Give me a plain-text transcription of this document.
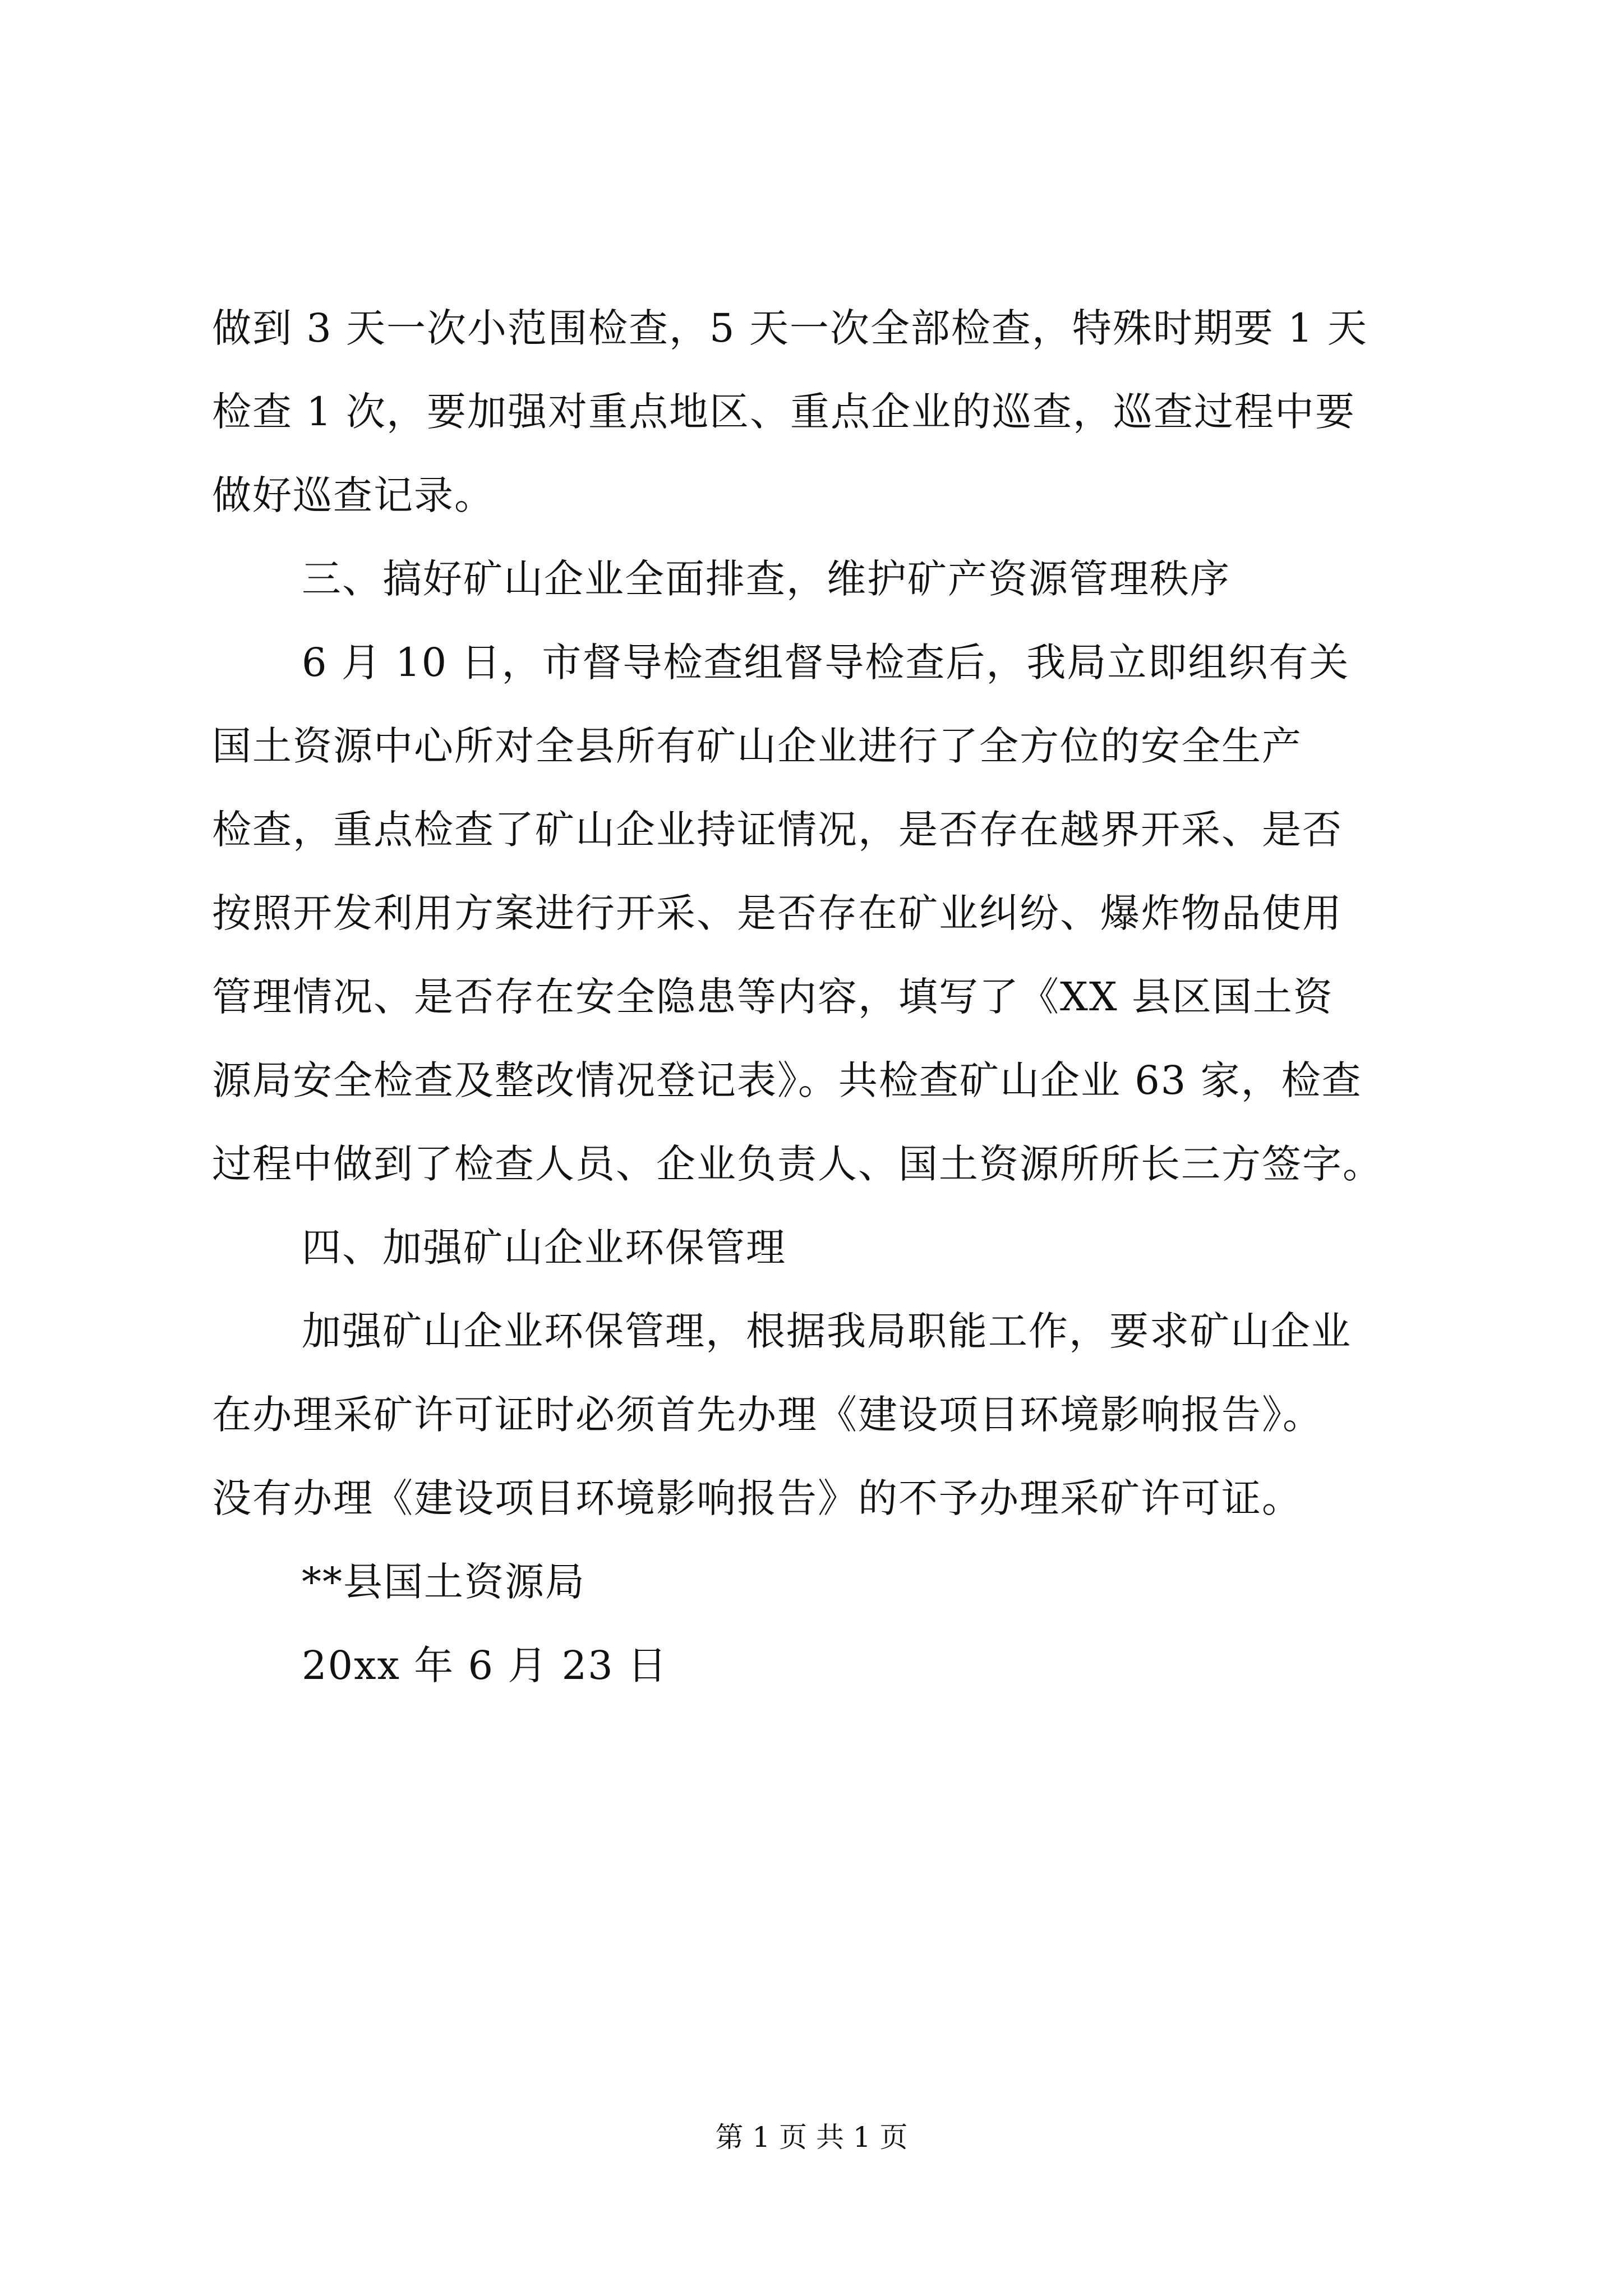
做到 3 天一次小范围检查，5 天一次全部检查，特殊时期要 1 天
检查 1 次，要加强对重点地区、重点企业的巡查，巡查过程中要
做好巡查记录。
三、搞好矿山企业全面排查，维护矿产资源管理秩序
6 月 10 日，市督导检查组督导检查后，我局立即组织有关
国土资源中心所对全县所有矿山企业进行了全方位的安全生产
检查，重点检查了矿山企业持证情况，是否存在越界开采、是否
按照开发利用方案进行开采、是否存在矿业纠纷、爆炸物品使用
管理情况、是否存在安全隐患等内容，填写了《XX 县区国土资
源局安全检查及整改情况登记表》。共检查矿山企业 63 家，检查
过程中做到了检查人员、企业负责人、国土资源所所长三方签字。
四、加强矿山企业环保管理
加强矿山企业环保管理，根据我局职能工作，要求矿山企业
在办理采矿许可证时必须首先办理《建设项目环境影响报告》。
没有办理《建设项目环境影响报告》的不予办理采矿许可证。
**县国土资源局
20xx 年 6 月 23 日
第 1 页 共 1 页
